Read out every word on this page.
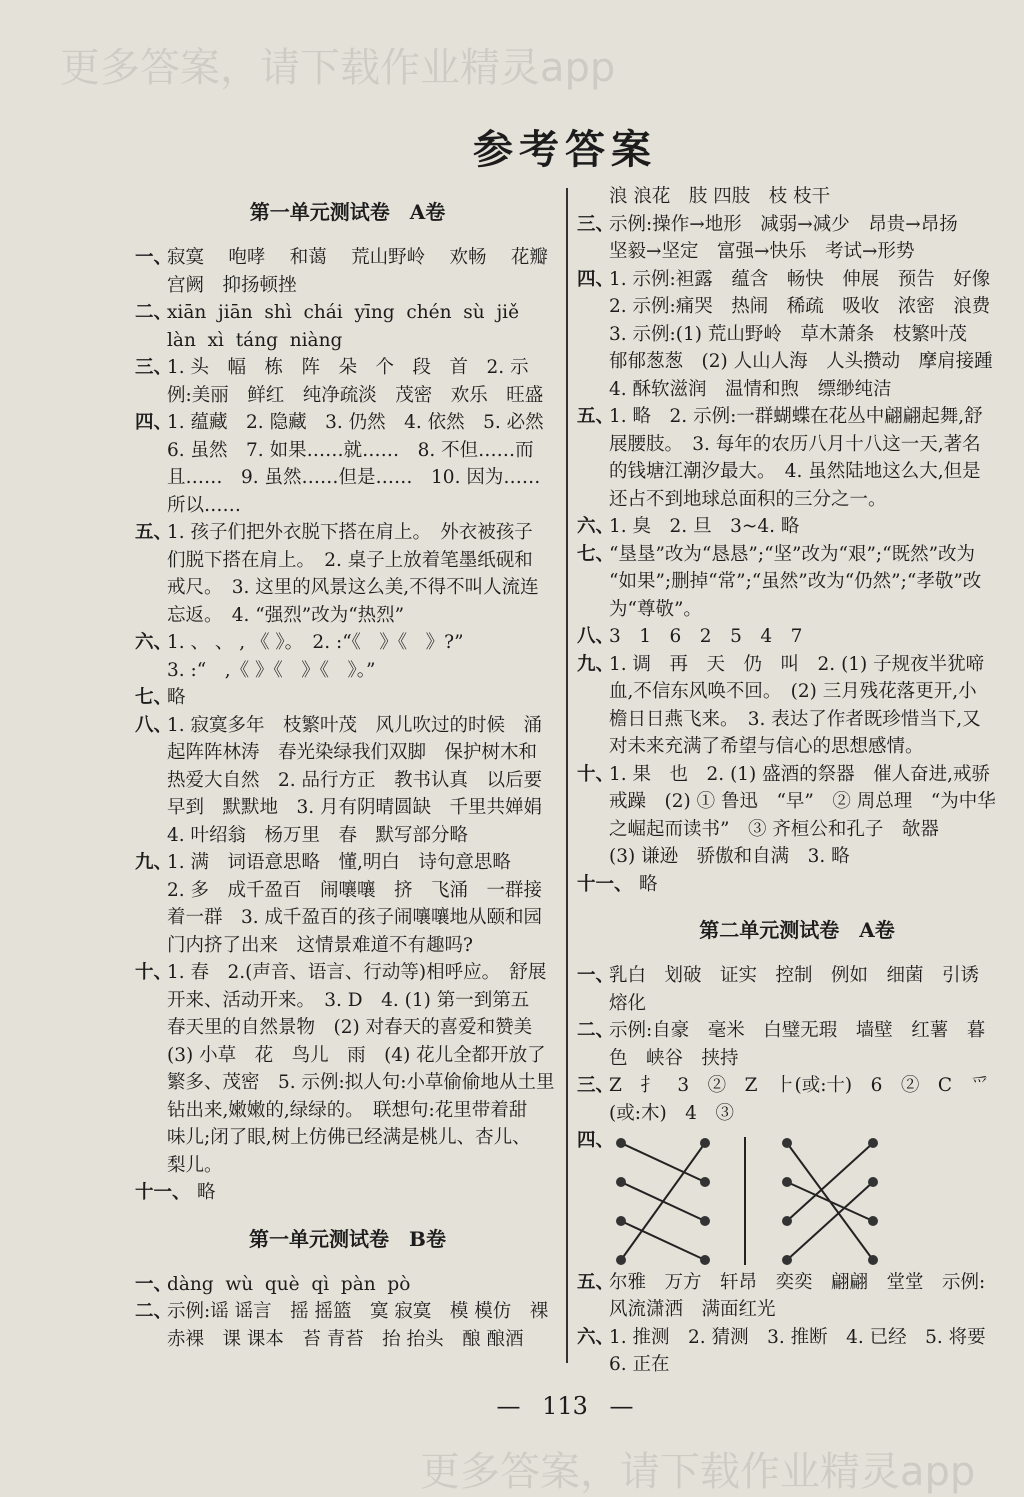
更多答案，请下载作业精灵app
更多答案，请下载作业精灵app
参考答案
第一单元测试卷　A卷
一、
寂寞　 咆哮　 和蔼　 荒山野岭　 欢畅　 花瓣
宫阙　抑扬顿挫
二、
xiān  jiān  shì  chái  yīng  chén  sù  jiě
làn  xì  táng  niàng
三、
1. 头　幅　栋　阵　朵　个　段　首　2. 示
例:美丽　鲜红　纯净疏淡　茂密　欢乐　旺盛
四、
1. 蕴藏　2. 隐藏　3. 仍然　4. 依然　5. 必然
6. 虽然　7. 如果……就……　8. 不但……而
且……　9. 虽然……但是……　10. 因为……
所以……
五、
1. 孩子们把外衣脱下搭在肩上。　外衣被孩子
们脱下搭在肩上。　2. 桌子上放着笔墨纸砚和
戒尺。　3. 这里的风景这么美,不得不叫人流连
忘返。　4. “强烈”改为“热烈”
六、
1. 、 、 , 《 》。　2. :“《　》《　》?”
3. :“　,《 》《　》《　》。”
七、
略
八、
1. 寂寞多年　枝繁叶茂　风儿吹过的时候　涌
起阵阵林涛　春光染绿我们双脚　保护树木和
热爱大自然　2. 品行方正　教书认真　以后要
早到　默默地　3. 月有阴晴圆缺　千里共婵娟
4. 叶绍翁　杨万里　春　默写部分略
九、
1. 满　词语意思略　懂,明白　诗句意思略
2. 多　成千盈百　闹嚷嚷　挤　飞涌　一群接
着一群　3. 成千盈百的孩子闹嚷嚷地从颐和园
门内挤了出来　这情景难道不有趣吗?
十、
1. 春　2.(声音、语言、行动等)相呼应。　舒展
开来、活动开来。　3. D　4. (1) 第一到第五
春天里的自然景物　(2) 对春天的喜爱和赞美
(3) 小草　花　鸟儿　雨　(4) 花儿全都开放了
繁多、茂密　5. 示例:拟人句:小草偷偷地从土里
钻出来,嫩嫩的,绿绿的。　联想句:花里带着甜
味儿;闭了眼,树上仿佛已经满是桃儿、杏儿、
梨儿。
十一、 略
第一单元测试卷　B卷
一、
dàng  wù  què  qì  pàn  pò
二、
示例:谣 谣言　摇 摇篮　寞 寂寞　模 模仿　裸
赤裸　课 课本　苔 青苔　抬 抬头　酿 酿酒
浪 浪花　肢 四肢　枝 枝干
三、
示例:操作→地形　减弱→减少　昂贵→昂扬
坚毅→坚定　富强→快乐　考试→形势
四、
1. 示例:袒露　蕴含　畅快　伸展　预告　好像
2. 示例:痛哭　热闹　稀疏　吸收　浓密　浪费
3. 示例:(1) 荒山野岭　草木萧条　枝繁叶茂
郁郁葱葱　(2) 人山人海　人头攒动　摩肩接踵
4. 酥软滋润　温情和煦　缥缈纯洁
五、
1. 略　2. 示例:一群蝴蝶在花丛中翩翩起舞,舒
展腰肢。　3. 每年的农历八月十八这一天,著名
的钱塘江潮汐最大。　4. 虽然陆地这么大,但是
还占不到地球总面积的三分之一。
六、
1. 臭　2. 旦　3~4. 略
七、
“垦垦”改为“恳恳”;“坚”改为“艰”;“既然”改为
“如果”;删掉“常”;“虽然”改为“仍然”;“孝敬”改
为“尊敬”。
八、
3　1　6　2　5　4　7
九、
1. 调　再　天　仍　叫　2. (1) 子规夜半犹啼
血,不信东风唤不回。　(2) 三月残花落更开,小
檐日日燕飞来。　3. 表达了作者既珍惜当下,又
对未来充满了希望与信心的思想感情。
十、
1. 果　也　2. (1) 盛酒的祭器　催人奋进,戒骄
戒躁　(2) ① 鲁迅　“早”　② 周总理　“为中华
之崛起而读书”　③ 齐桓公和孔子　欹器
(3) 谦逊　骄傲和自满　3. 略
十一、 略
第二单元测试卷　A卷
一、
乳白　划破　证实　控制　例如　细菌　引诱
熔化
二、
示例:自豪　毫米　白璧无瑕　墙壁　红薯　暮
色　峡谷　挟持
三、
Z　扌　3　②　Z　⺊(或:十)　6　②　C　爫
(或:木)　4　③
四、
五、
尔雅　万方　轩昂　奕奕　翩翩　堂堂　示例:
风流潇洒　满面红光
六、
1. 推测　2. 猜测　3. 推断　4. 已经　5. 将要
6. 正在
— 113 —
